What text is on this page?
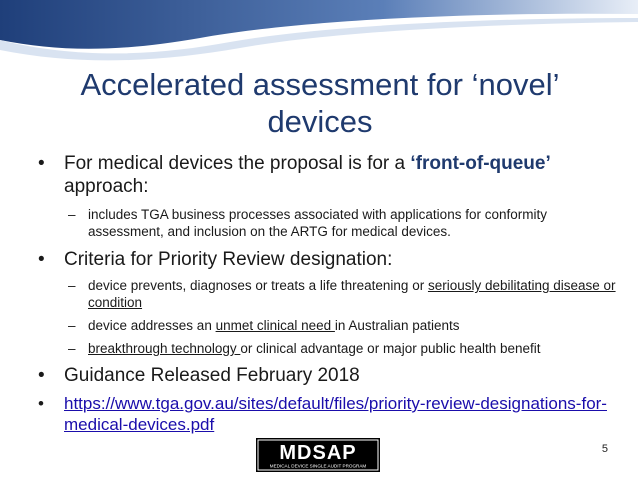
Accelerated assessment for ‘novel’
devices
• For medical devices the proposal is for a ‘front-of-queue’ approach:
– includes TGA business processes associated with applications for conformity assessment, and inclusion on the ARTG for medical devices.
• Criteria for Priority Review designation:
– device prevents, diagnoses or treats a life threatening or seriously debilitating disease or condition
– device addresses an unmet clinical need in Australian patients
– breakthrough technology or clinical advantage or major public health benefit
• Guidance Released February 2018
• https://www.tga.gov.au/sites/default/files/priority-review-designations-for-medical-devices.pdf
MDSAP
MEDICAL DEVICE SINGLE AUDIT PROGRAM
5
